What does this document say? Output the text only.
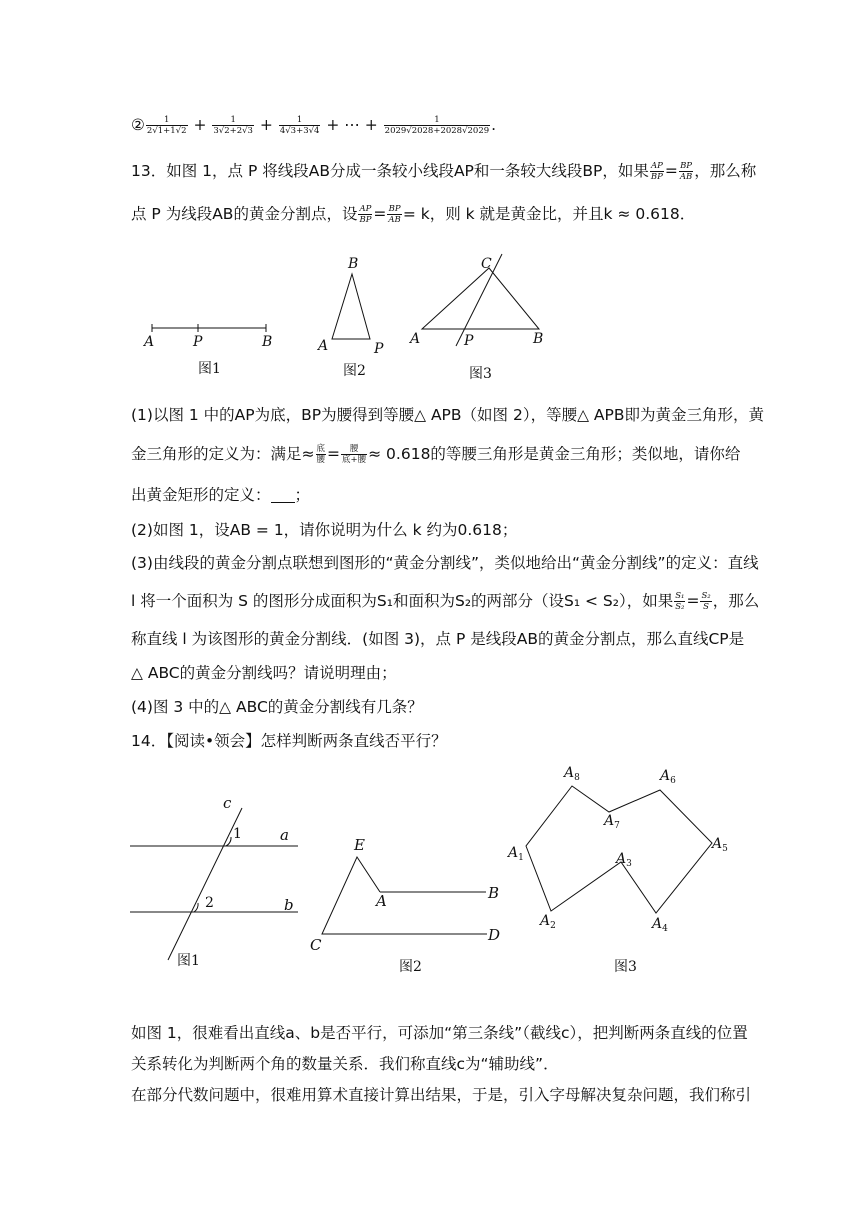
② $\frac{1}{2√1+1√2} + \frac{1}{3√2+2√3} + \frac{1}{4√3+3√4}$ + ⋯ + $\frac{1}{2029√2028+2028√2029}$ .
13．如图 1，点 P 将线段AB分成一条较小线段AP和一条较大线段BP，如果 $\frac{AP}{BP} = \frac{BP}{AB}$ ，那么称
点 P 为线段AB的黄金分割点，设 $\frac{AP}{BP} = \frac{BP}{AB} = k$，则 k 就是黄金比，并且k ≈ 0.618．
A	P	B
图1
B
A	P
图2
C
A	P	B
图3
(1)以图 1 中的AP为底，BP为腰得到等腰△ APB（如图 2），等腰△ APB即为黄金三角形，黄
金三角形的定义为：满足≈ $\frac{\text{底}}{\text{腰}} = \frac{\text{腰}}{\text{底+腰}} \approx 0.618$的等腰三角形是黄金三角形；类似地，请你给
出黄金矩形的定义： ；
(2)如图 1，设AB = 1，请你说明为什么 k 约为0.618；
(3)由线段的黄金分割点联想到图形的“黄金分割线”，类似地给出“黄金分割线”的定义：直线
l 将一个面积为 S 的图形分成面积为S₁和面积为S₂的两部分（设S₁ < S₂），如果 $\frac{\text{S₁}}{\text{S₂}} = \frac{\text{S₂}}{S}$ ，那么
称直线 l 为该图形的黄金分割线．(如图 3)，点 P 是线段AB的黄金分割点，那么直线CP是
△ ABC的黄金分割线吗？请说明理由；
(4)图 3 中的△ ABC的黄金分割线有几条？
14．【阅读•领会】怎样判断两条直线否平行？
c
a
b
1
2
图1
E
A	B
C
D
图2
$A_8$	$A_6$
$A_7$
$A_5$
$A_1$	$A_3$
$A_2$	$A_4$
图3
如图 1，很难看出直线a、b是否平行，可添加“第三条线”（截线c），把判断两条直线的位置
关系转化为判断两个角的数量关系．我们称直线c为“辅助线”．
在部分代数问题中，很难用算术直接计算出结果，于是，引入字母解决复杂问题，我们称引
